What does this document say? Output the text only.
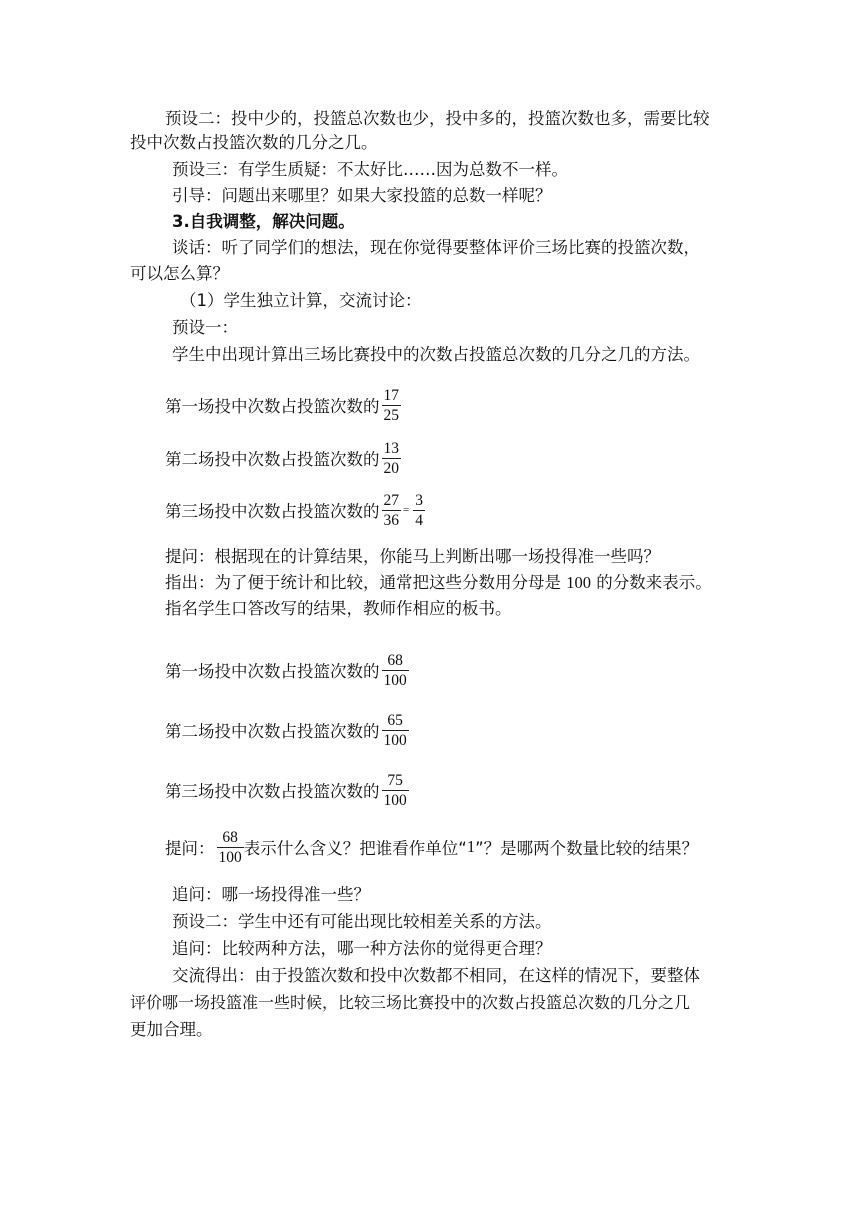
预设二：投中少的，投篮总次数也少，投中多的，投篮次数也多，需要比较
投中次数占投篮次数的几分之几。
预设三：有学生质疑：不太好比……因为总数不一样。
引导：问题出来哪里？如果大家投篮的总数一样呢？
3.自我调整，解决问题。
谈话：听了同学们的想法，现在你觉得要整体评价三场比赛的投篮次数，
可以怎么算？
（1）学生独立计算，交流讨论：
预设一：
学生中出现计算出三场比赛投中的次数占投篮总次数的几分之几的方法。
第一场投中次数占投篮次数的 $\frac{17}{25}$
第二场投中次数占投篮次数的 $\frac{13}{20}$
第三场投中次数占投篮次数的 $\frac{27}{36} = \frac{3}{4}$
提问：根据现在的计算结果，你能马上判断出哪一场投得准一些吗？
指出：为了便于统计和比较，通常把这些分数用分母是 100 的分数来表示。
指名学生口答改写的结果，教师作相应的板书。
第一场投中次数占投篮次数的 $\frac{68}{100}$
第二场投中次数占投篮次数的 $\frac{65}{100}$
第三场投中次数占投篮次数的 $\frac{75}{100}$
提问： $\frac{68}{100}$ 表示什么含义？把谁看作单位“ 1 ”？是哪两个数量比较的结果？
追问：哪一场投得准一些？
预设二：学生中还有可能出现比较相差关系的方法。
追问：比较两种方法，哪一种方法你的觉得更合理？
交流得出：由于投篮次数和投中次数都不相同，在这样的情况下，要整体
评价哪一场投篮准一些时候，比较三场比赛投中的次数占投篮总次数的几分之几
更加合理。
